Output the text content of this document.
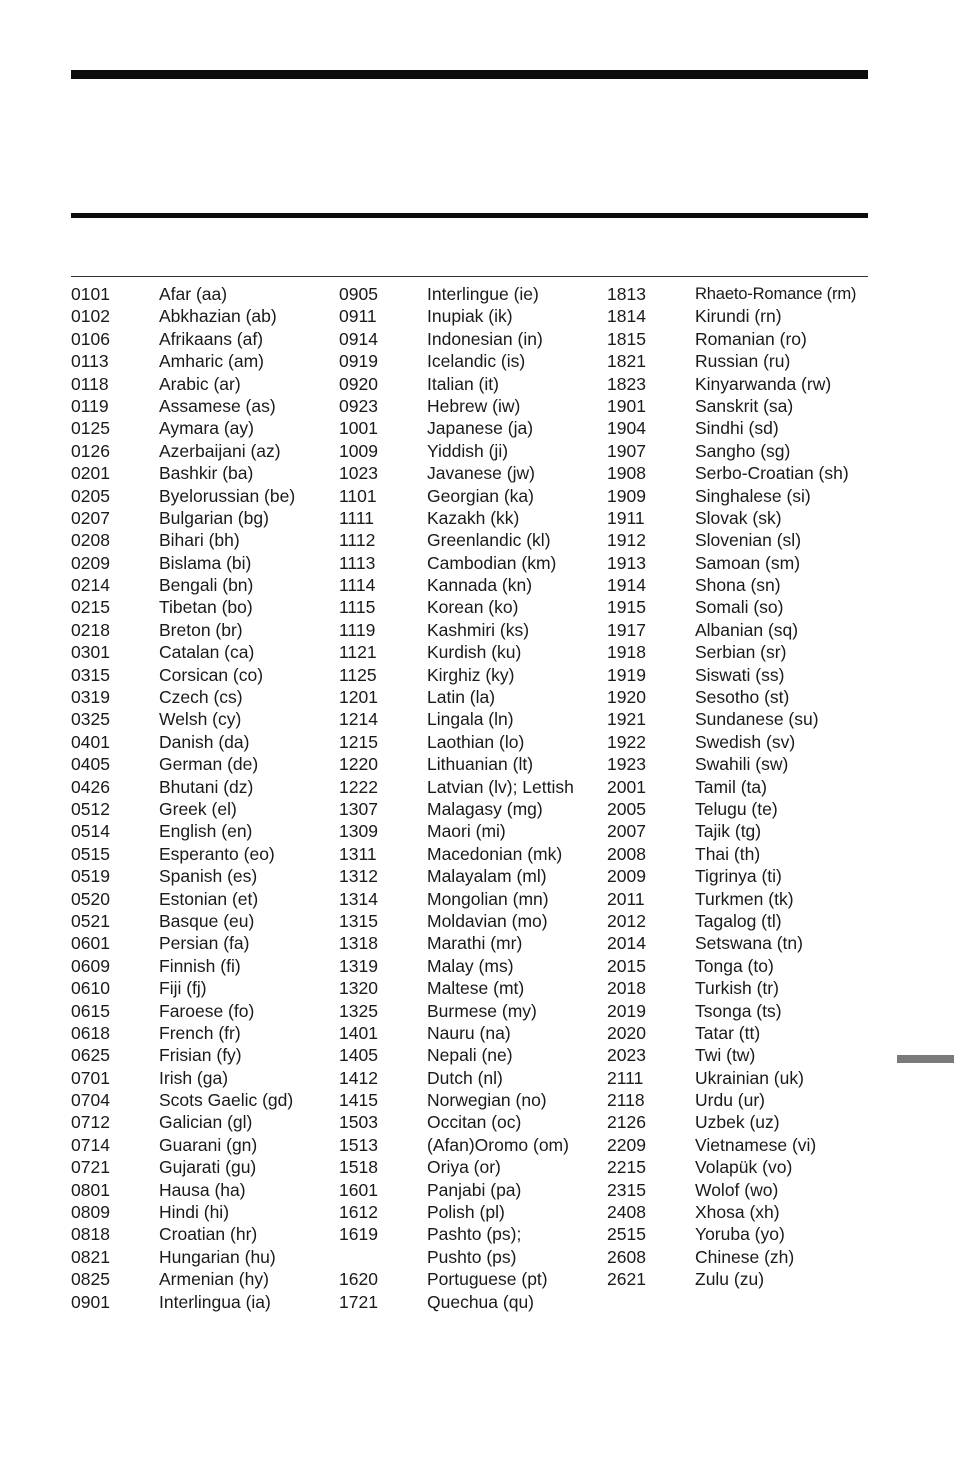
0101	Afar (aa)
0102	Abkhazian (ab)
0106	Afrikaans (af)
0113	Amharic (am)
0118	Arabic (ar)
0119	Assamese (as)
0125	Aymara (ay)
0126	Azerbaijani (az)
0201	Bashkir (ba)
0205	Byelorussian (be)
0207	Bulgarian (bg)
0208	Bihari (bh)
0209	Bislama (bi)
0214	Bengali (bn)
0215	Tibetan (bo)
0218	Breton (br)
0301	Catalan (ca)
0315	Corsican (co)
0319	Czech (cs)
0325	Welsh (cy)
0401	Danish (da)
0405	German (de)
0426	Bhutani (dz)
0512	Greek (el)
0514	English (en)
0515	Esperanto (eo)
0519	Spanish (es)
0520	Estonian (et)
0521	Basque (eu)
0601	Persian (fa)
0609	Finnish (fi)
0610	Fiji (fj)
0615	Faroese (fo)
0618	French (fr)
0625	Frisian (fy)
0701	Irish (ga)
0704	Scots Gaelic (gd)
0712	Galician (gl)
0714	Guarani (gn)
0721	Gujarati (gu)
0801	Hausa (ha)
0809	Hindi (hi)
0818	Croatian (hr)
0821	Hungarian (hu)
0825	Armenian (hy)
0901	Interlingua (ia)
0905	Interlingue (ie)
0911	Inupiak (ik)
0914	Indonesian (in)
0919	Icelandic (is)
0920	Italian (it)
0923	Hebrew (iw)
1001	Japanese (ja)
1009	Yiddish (ji)
1023	Javanese (jw)
1101	Georgian (ka)
1111	Kazakh (kk)
1112	Greenlandic (kl)
1113	Cambodian (km)
1114	Kannada (kn)
1115	Korean (ko)
1119	Kashmiri (ks)
1121	Kurdish (ku)
1125	Kirghiz (ky)
1201	Latin (la)
1214	Lingala (ln)
1215	Laothian (lo)
1220	Lithuanian (lt)
1222	Latvian (lv); Lettish
1307	Malagasy (mg)
1309	Maori (mi)
1311	Macedonian (mk)
1312	Malayalam (ml)
1314	Mongolian (mn)
1315	Moldavian (mo)
1318	Marathi (mr)
1319	Malay (ms)
1320	Maltese (mt)
1325	Burmese (my)
1401	Nauru (na)
1405	Nepali (ne)
1412	Dutch (nl)
1415	Norwegian (no)
1503	Occitan (oc)
1513	(Afan)Oromo (om)
1518	Oriya (or)
1601	Panjabi (pa)
1612	Polish (pl)
1619	Pashto (ps);
Pushto (ps)
1620	Portuguese (pt)
1721	Quechua (qu)
1813	Rhaeto-Romance (rm)
1814	Kirundi (rn)
1815	Romanian (ro)
1821	Russian (ru)
1823	Kinyarwanda (rw)
1901	Sanskrit (sa)
1904	Sindhi (sd)
1907	Sangho (sg)
1908	Serbo-Croatian (sh)
1909	Singhalese (si)
1911	Slovak (sk)
1912	Slovenian (sl)
1913	Samoan (sm)
1914	Shona (sn)
1915	Somali (so)
1917	Albanian (sq)
1918	Serbian (sr)
1919	Siswati (ss)
1920	Sesotho (st)
1921	Sundanese (su)
1922	Swedish (sv)
1923	Swahili (sw)
2001	Tamil (ta)
2005	Telugu (te)
2007	Tajik (tg)
2008	Thai (th)
2009	Tigrinya (ti)
2011	Turkmen (tk)
2012	Tagalog (tl)
2014	Setswana (tn)
2015	Tonga (to)
2018	Turkish (tr)
2019	Tsonga (ts)
2020	Tatar (tt)
2023	Twi (tw)
2111	Ukrainian (uk)
2118	Urdu (ur)
2126	Uzbek (uz)
2209	Vietnamese (vi)
2215	Volapük (vo)
2315	Wolof (wo)
2408	Xhosa (xh)
2515	Yoruba (yo)
2608	Chinese (zh)
2621	Zulu (zu)
